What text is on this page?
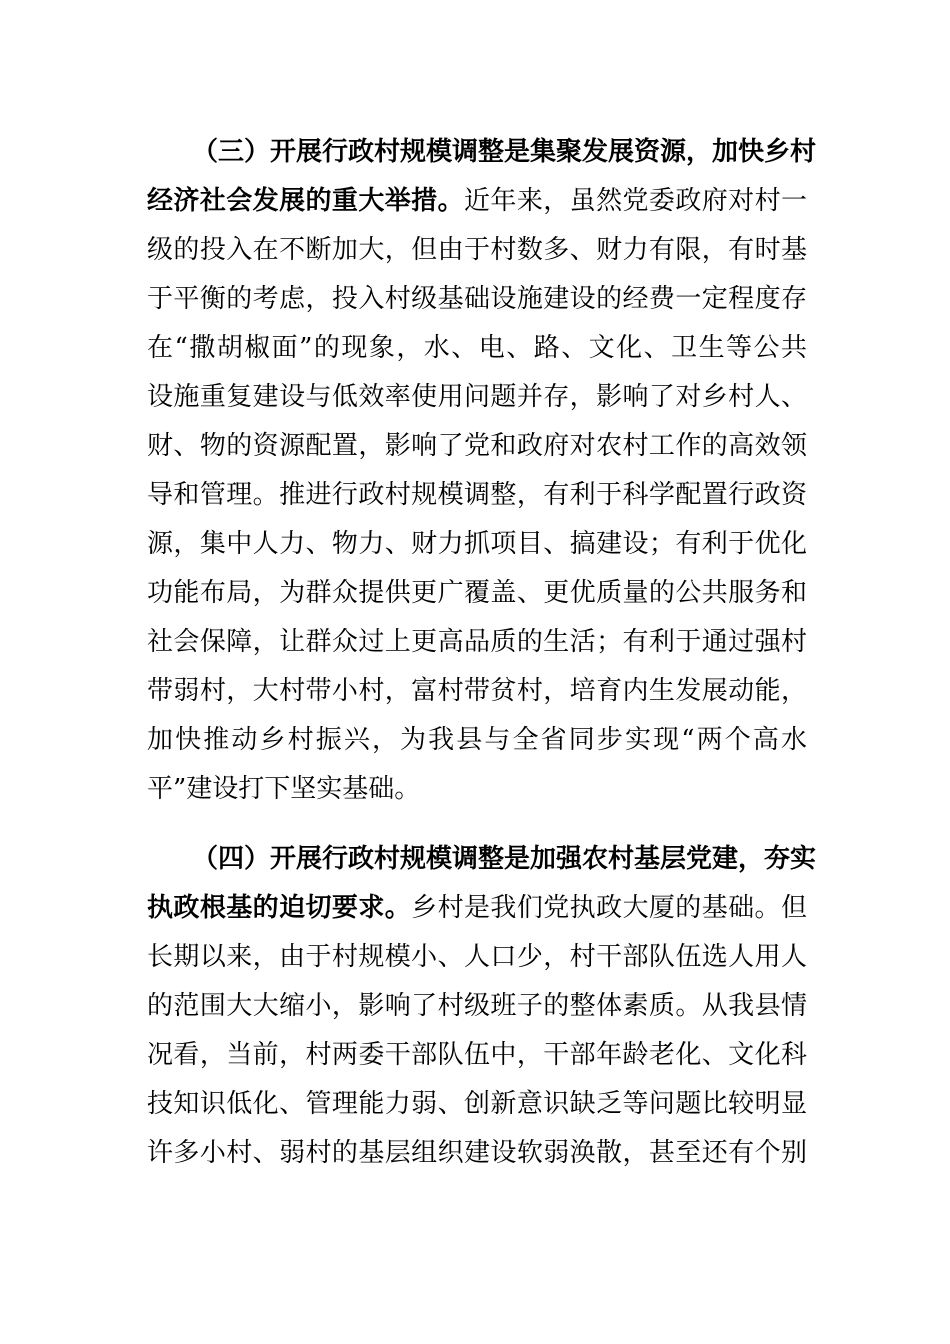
（三）开展行政村规模调整是集聚发展资源，加快乡村
经济社会发展的重大举措。近年来，虽然党委政府对村一
级的投入在不断加大，但由于村数多、财力有限，有时基
于平衡的考虑，投入村级基础设施建设的经费一定程度存
在“撒胡椒面”的现象，水、电、路、文化、卫生等公共
设施重复建设与低效率使用问题并存，影响了对乡村人、
财、物的资源配置，影响了党和政府对农村工作的高效领
导和管理。推进行政村规模调整，有利于科学配置行政资
源，集中人力、物力、财力抓项目、搞建设；有利于优化
功能布局，为群众提供更广覆盖、更优质量的公共服务和
社会保障，让群众过上更高品质的生活；有利于通过强村
带弱村，大村带小村，富村带贫村，培育内生发展动能，
加快推动乡村振兴，为我县与全省同步实现“两个高水
平”建设打下坚实基础。
（四）开展行政村规模调整是加强农村基层党建，夯实
执政根基的迫切要求。乡村是我们党执政大厦的基础。但
长期以来，由于村规模小、人口少，村干部队伍选人用人
的范围大大缩小，影响了村级班子的整体素质。从我县情
况看，当前，村两委干部队伍中，干部年龄老化、文化科
技知识低化、管理能力弱、创新意识缺乏等问题比较明显
许多小村、弱村的基层组织建设软弱涣散，甚至还有个别
